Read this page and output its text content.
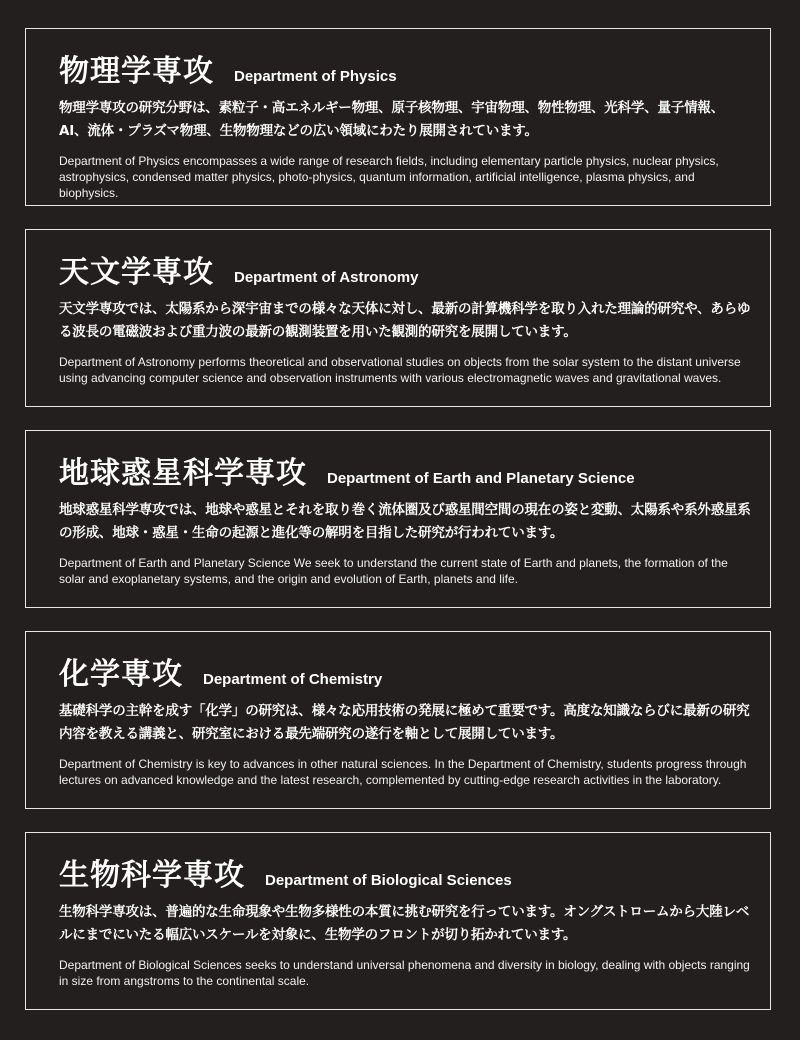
物理学専攻 Department of Physics

物理学専攻の研究分野は、素粒子・高エネルギー物理、原子核物理、宇宙物理、物性物理、光科学、量子情報、AI、流体・プラズマ物理、生物物理などの広い領域にわたり展開されています。

Department of Physics encompasses a wide range of research fields, including elementary particle physics, nuclear physics, astrophysics, condensed matter physics, photo-physics, quantum information, artificial intelligence, plasma physics, and biophysics.

天文学専攻 Department of Astronomy

天文学専攻では、太陽系から深宇宙までの様々な天体に対し、最新の計算機科学を取り入れた理論的研究や、あらゆる波長の電磁波および重力波の最新の観測装置を用いた観測的研究を展開しています。

Department of Astronomy performs theoretical and observational studies on objects from the solar system to the distant universe using advancing computer science and observation instruments with various electromagnetic waves and gravitational waves.

地球惑星科学専攻 Department of Earth and Planetary Science

地球惑星科学専攻では、地球や惑星とそれを取り巻く流体圏及び惑星間空間の現在の姿と変動、太陽系や系外惑星系の形成、地球・惑星・生命の起源と進化等の解明を目指した研究が行われています。

Department of Earth and Planetary Science We seek to understand the current state of Earth and planets, the formation of the solar and exoplanetary systems, and the origin and evolution of Earth, planets and life.

化学専攻 Department of Chemistry

基礎科学の主幹を成す「化学」の研究は、様々な応用技術の発展に極めて重要です。高度な知識ならびに最新の研究内容を教える講義と、研究室における最先端研究の遂行を軸として展開しています。

Department of Chemistry is key to advances in other natural sciences. In the Department of Chemistry, students progress through lectures on advanced knowledge and the latest research, complemented by cutting-edge research activities in the laboratory.

生物科学専攻 Department of Biological Sciences

生物科学専攻は、普遍的な生命現象や生物多様性の本質に挑む研究を行っています。オングストロームから大陸レベルにまでにいたる幅広いスケールを対象に、生物学のフロントが切り拓かれています。

Department of Biological Sciences seeks to understand universal phenomena and diversity in biology, dealing with objects ranging in size from angstroms to the continental scale.
